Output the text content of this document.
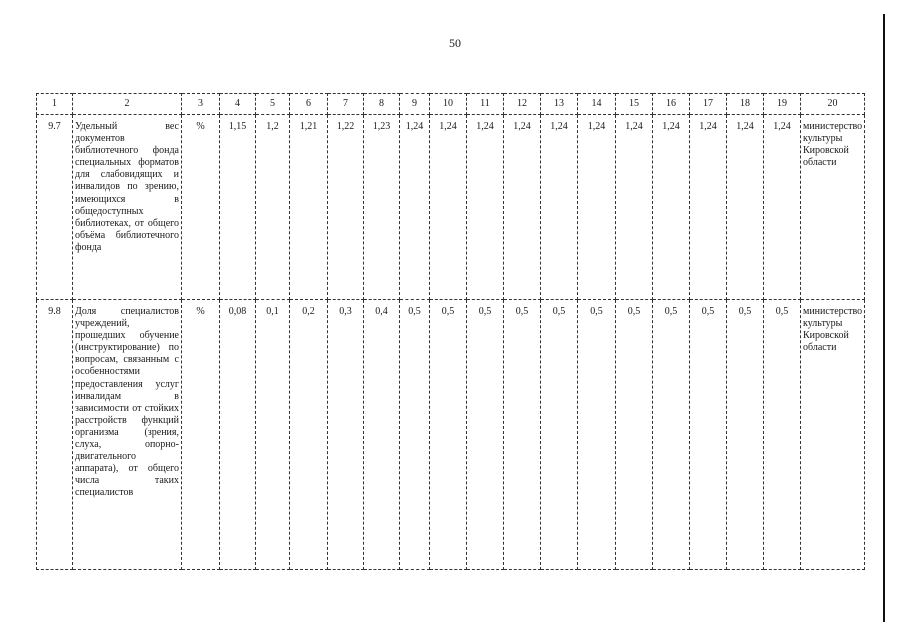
50
1	2	3	4	5	6	7	8	9	10	11	12	13	14	15	16	17	18	19	20
9.7	Удельный вес документов библиотечного фонда специальных форматов для слабовидящих и инвалидов по зрению, имеющихся в общедоступных библиотеках, от общего объёма библиотечного фонда	%	1,15	1,2	1,21	1,22	1,23	1,24	1,24	1,24	1,24	1,24	1,24	1,24	1,24	1,24	1,24	1,24	министерство культуры Кировской области
9.8	Доля специалистов учреждений, прошедших обучение (инструктирование) по вопросам, связанным с особенностями предоставления услуг инвалидам в зависимости от стойких расстройств функций организма (зрения, слуха, опорно-двигательного аппарата), от общего числа таких специалистов	%	0,08	0,1	0,2	0,3	0,4	0,5	0,5	0,5	0,5	0,5	0,5	0,5	0,5	0,5	0,5	0,5	министерство культуры Кировской области
